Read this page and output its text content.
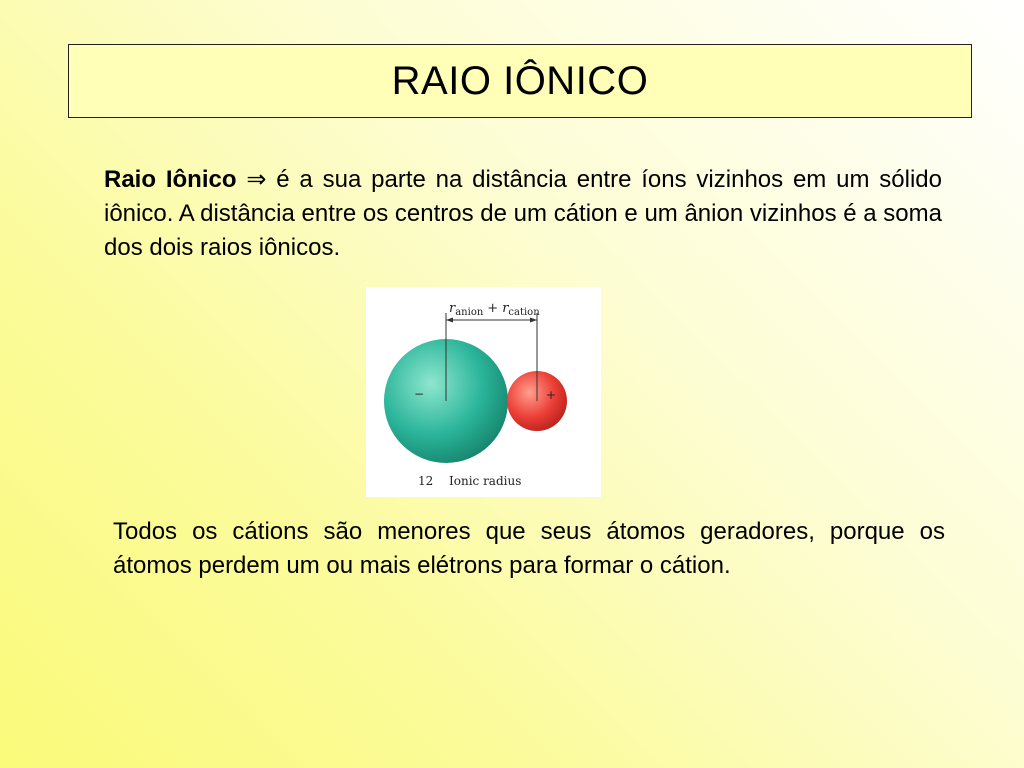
RAIO IÔNICO

Raio Iônico ⇒ é a sua parte na distância entre íons vizinhos em um sólido iônico. A distância entre os centros de um cátion e um ânion vizinhos é a soma dos dois raios iônicos.

$r_{anion} + r_{cation}$
−	+
12 Ionic radius

Todos os cátions são menores que seus átomos geradores, porque os átomos perdem um ou mais elétrons para formar o cátion.
